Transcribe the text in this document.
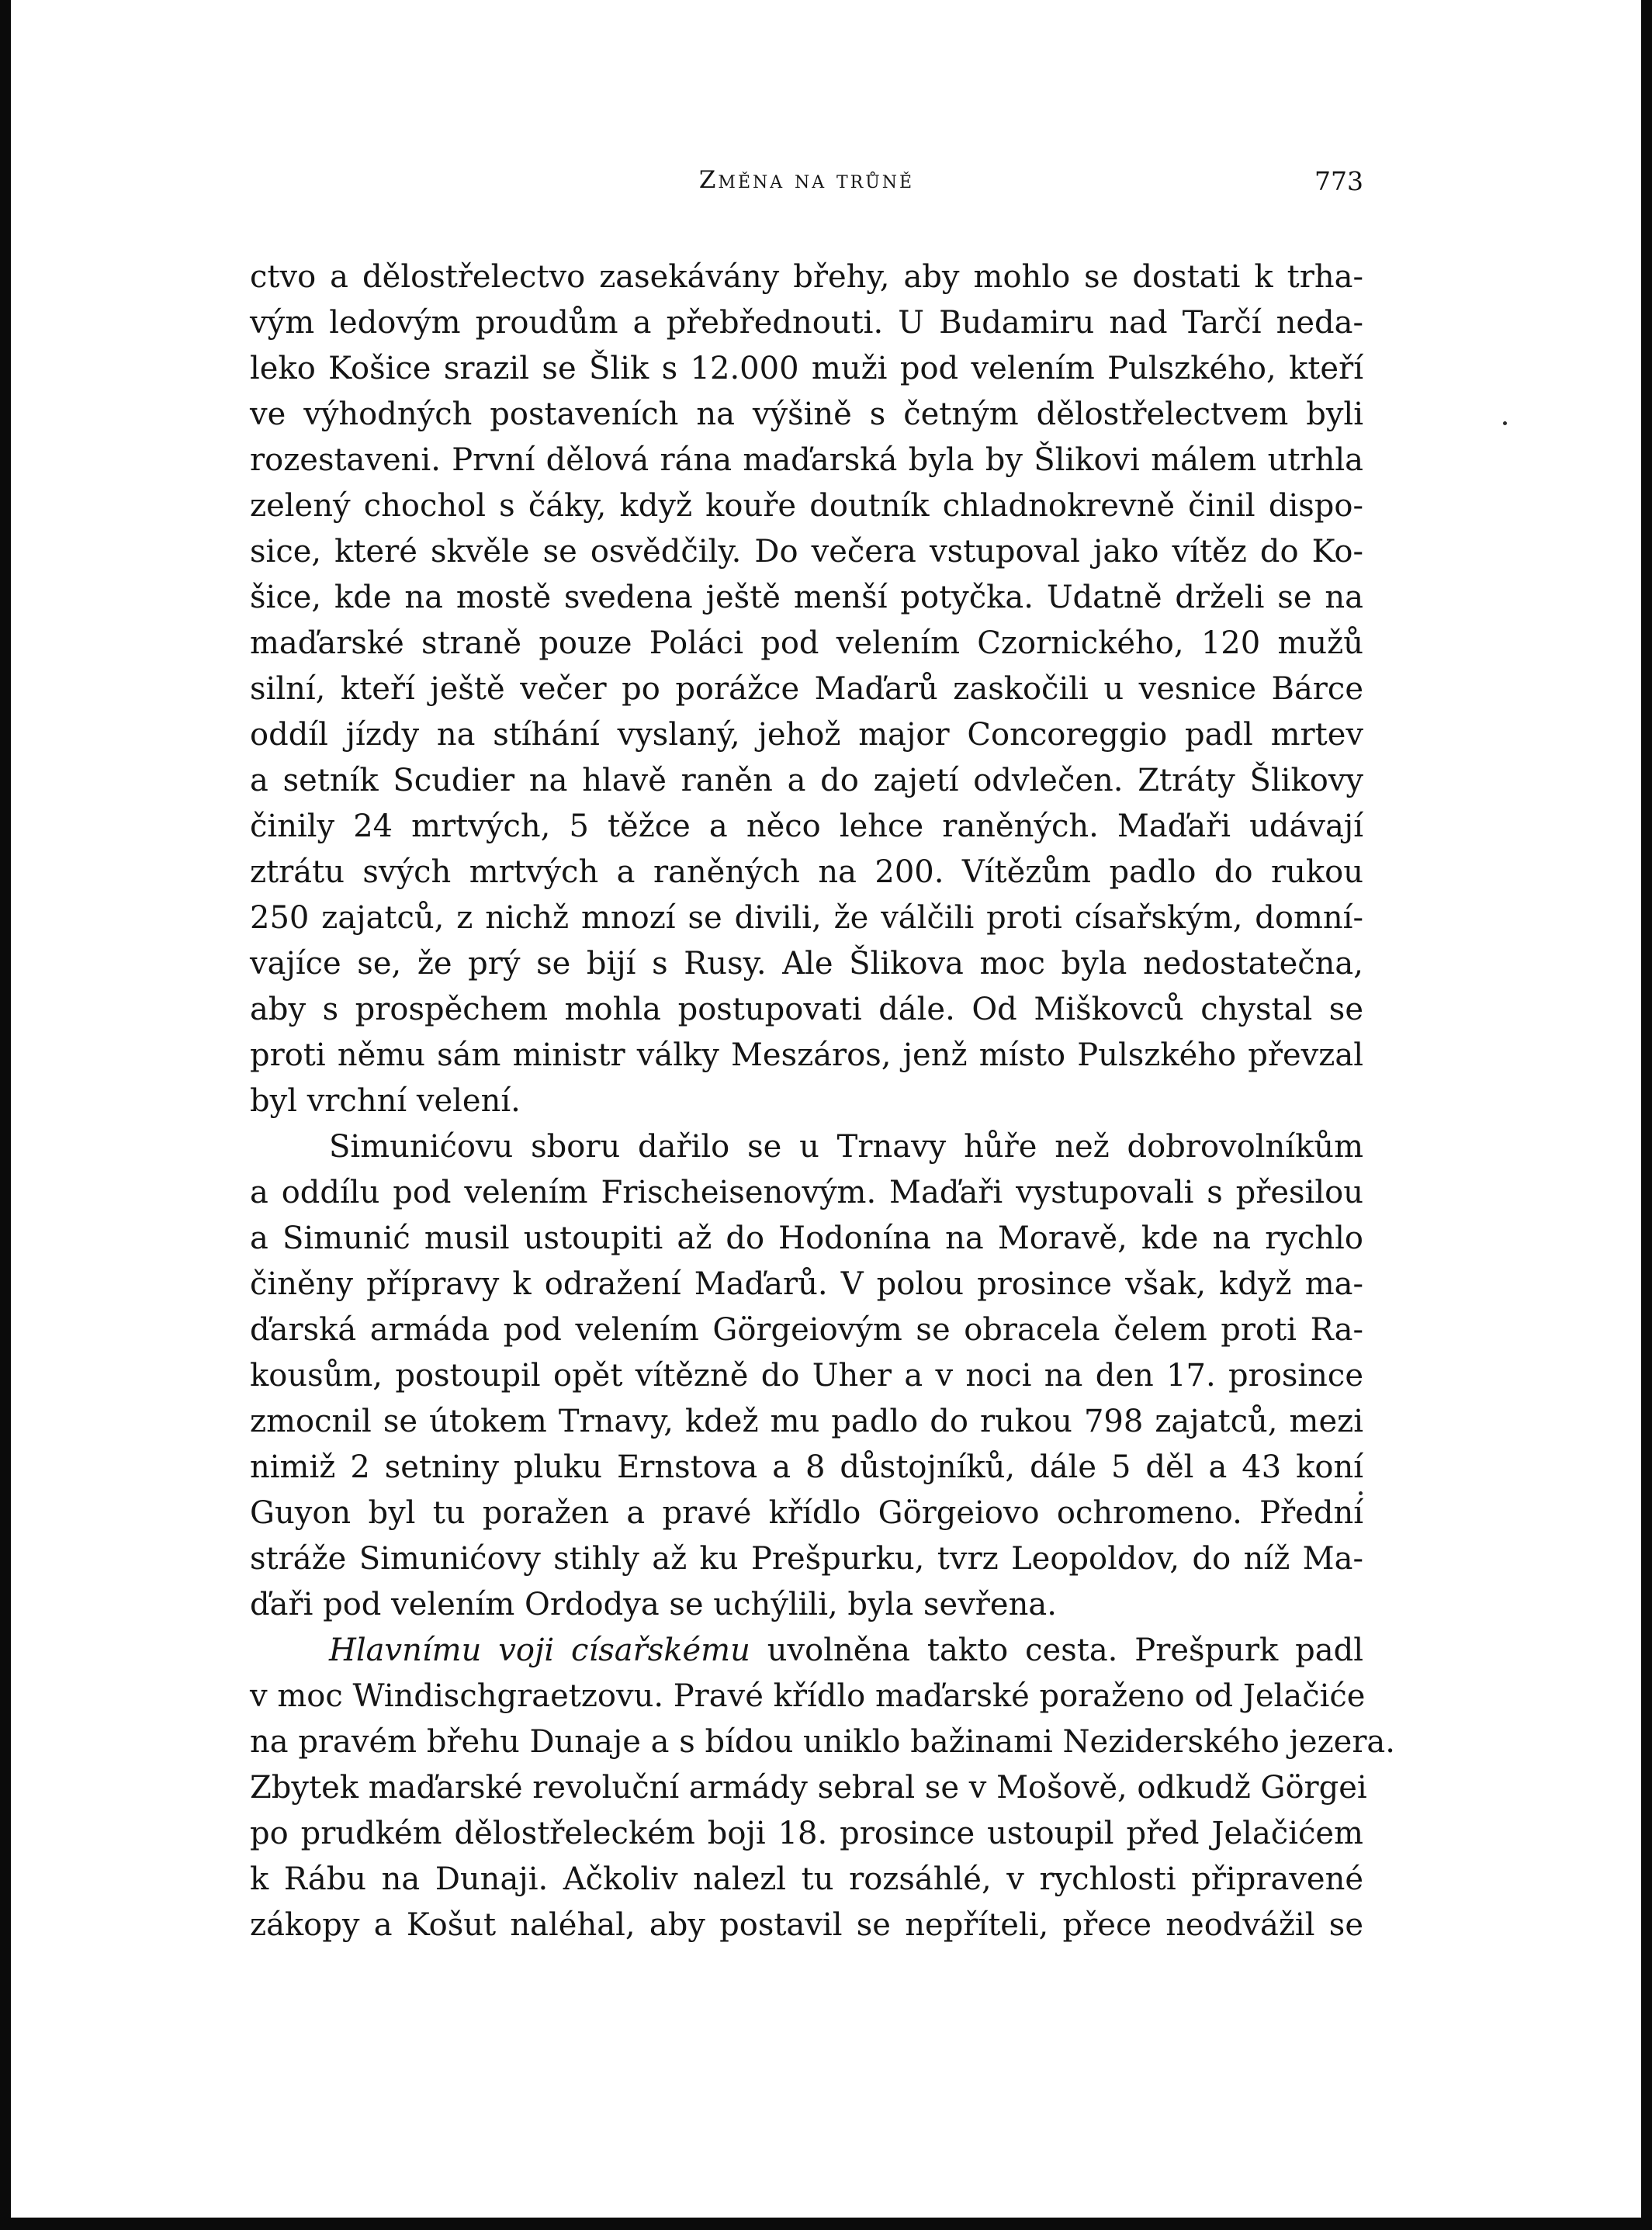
Změna na trůně	773
ctvo a dělostřelectvo zasekávány břehy, aby mohlo se dostati k trha-
vým ledovým proudům a přebřednouti. U Budamiru nad Tarčí neda-
leko Košice srazil se Šlik s 12.000 muži pod velením Pulszkého, kteří
ve výhodných postaveních na výšině s četným dělostřelectvem byli
rozestaveni. První dělová rána maďarská byla by Šlikovi málem utrhla
zelený chochol s čáky, když kouře doutník chladnokrevně činil dispo-
sice, které skvěle se osvědčily. Do večera vstupoval jako vítěz do Ko-
šice, kde na mostě svedena ještě menší potyčka. Udatně drželi se na
maďarské straně pouze Poláci pod velením Czornického, 120 mužů
silní, kteří ještě večer po porážce Maďarů zaskočili u vesnice Bárce
oddíl jízdy na stíhání vyslaný, jehož major Concoreggio padl mrtev
a setník Scudier na hlavě raněn a do zajetí odvlečen. Ztráty Šlikovy
činily 24 mrtvých, 5 těžce a něco lehce raněných. Maďaři udávají
ztrátu svých mrtvých a raněných na 200. Vítězům padlo do rukou
250 zajatců, z nichž mnozí se divili, že válčili proti císařským, domní-
vajíce se, že prý se bijí s Rusy. Ale Šlikova moc byla nedostatečna,
aby s prospěchem mohla postupovati dále. Od Miškovců chystal se
proti němu sám ministr války Meszáros, jenž místo Pulszkého převzal
byl vrchní velení.
Simunićovu sboru dařilo se u Trnavy hůře než dobrovolníkům
a oddílu pod velením Frischeisenovým. Maďaři vystupovali s přesilou
a Simunić musil ustoupiti až do Hodonína na Moravě, kde na rychlo
činěny přípravy k odražení Maďarů. V polou prosince však, když ma-
ďarská armáda pod velením Görgeiovým se obracela čelem proti Ra-
kousům, postoupil opět vítězně do Uher a v noci na den 17. prosince
zmocnil se útokem Trnavy, kdež mu padlo do rukou 798 zajatců, mezi
nimiž 2 setniny pluku Ernstova a 8 důstojníků, dále 5 děl a 43 koní
Guyon byl tu poražen a pravé křídlo Görgeiovo ochromeno. Přední
stráže Simunićovy stihly až ku Prešpurku, tvrz Leopoldov, do níž Ma-
ďaři pod velením Ordodya se uchýlili, byla sevřena.
Hlavnímu voji císařskému uvolněna takto cesta. Prešpurk padl
v moc Windischgraetzovu. Pravé křídlo maďarské poraženo od Jelačiće
na pravém břehu Dunaje a s bídou uniklo bažinami Neziderského jezera.
Zbytek maďarské revoluční armády sebral se v Mošově, odkudž Görgei
po prudkém dělostřeleckém boji 18. prosince ustoupil před Jelačićem
k Rábu na Dunaji. Ačkoliv nalezl tu rozsáhlé, v rychlosti připravené
zákopy a Košut naléhal, aby postavil se nepříteli, přece neodvážil se
